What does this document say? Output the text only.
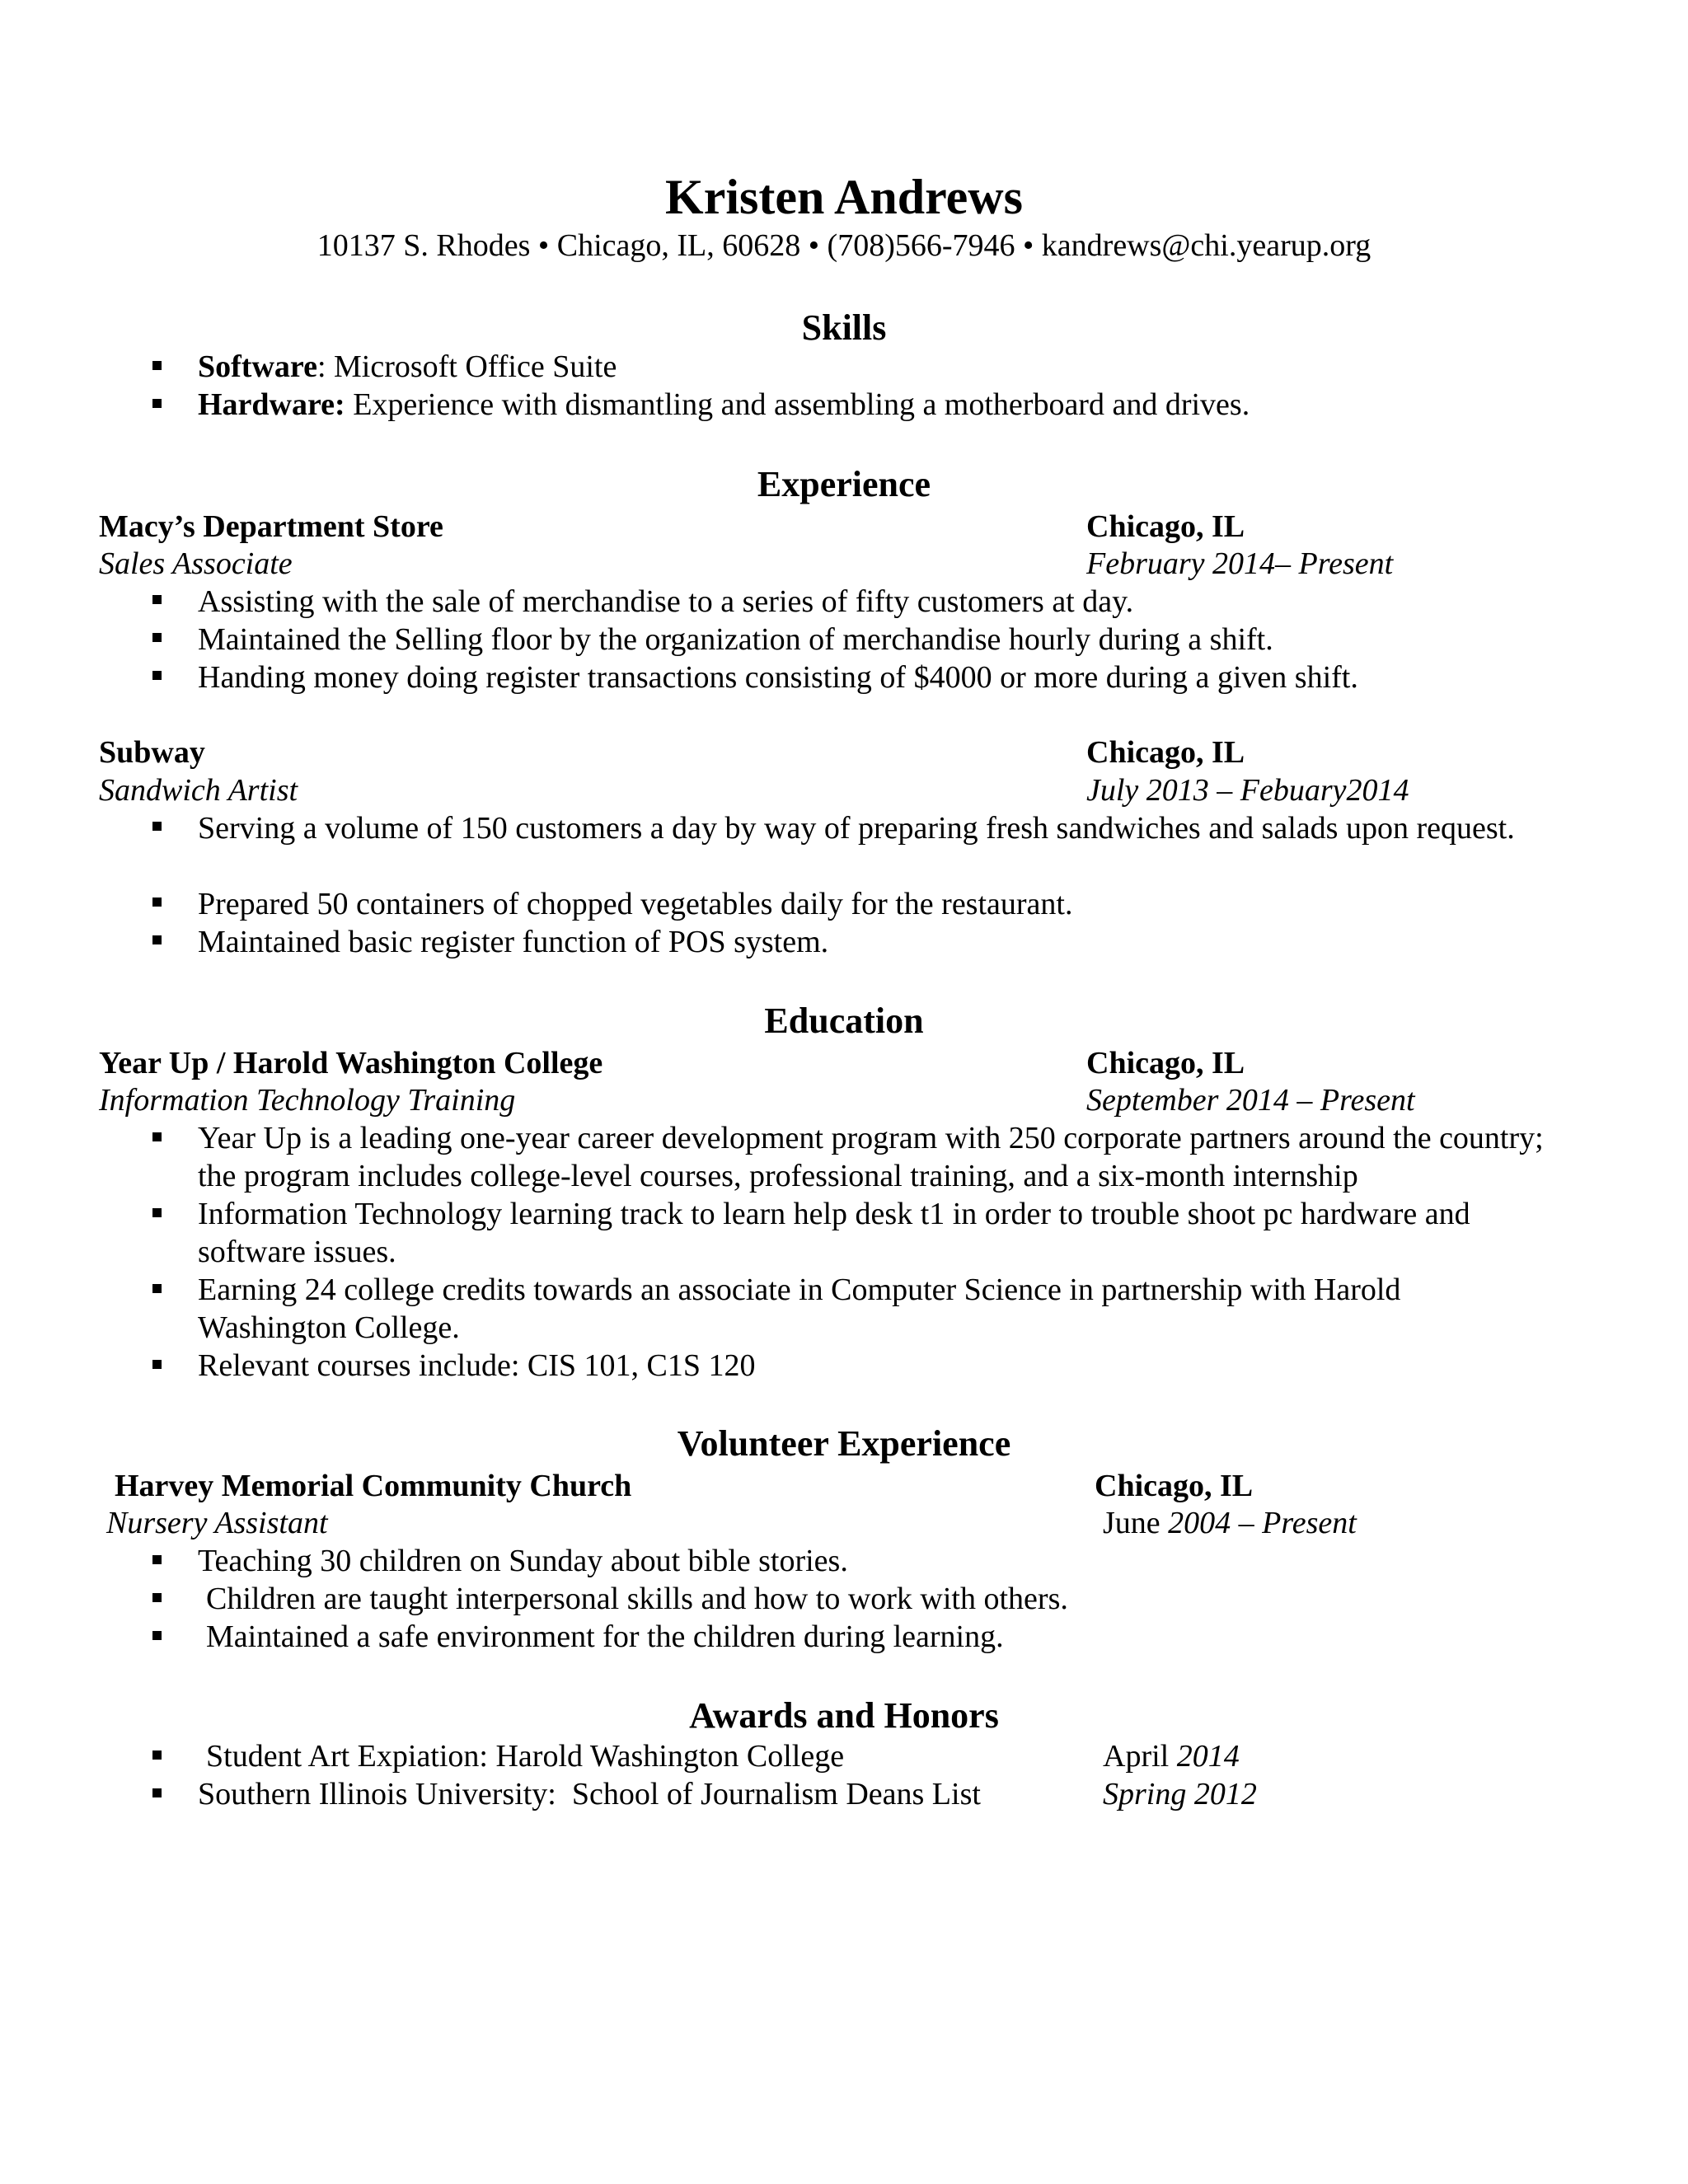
Kristen Andrews
10137 S. Rhodes • Chicago, IL, 60628 • (708)566-7946 • kandrews@chi.yearup.org
Skills
Software: Microsoft Office Suite
Hardware: Experience with dismantling and assembling a motherboard and drives.
Experience
Macy’s Department Store	Chicago, IL
Sales Associate	February 2014– Present
Assisting with the sale of merchandise to a series of fifty customers at day.
Maintained the Selling floor by the organization of merchandise hourly during a shift.
Handing money doing register transactions consisting of $4000 or more during a given shift.
Subway	Chicago, IL
Sandwich Artist	July 2013 – Febuary2014
Serving a volume of 150 customers a day by way of preparing fresh sandwiches and salads upon request.
Prepared 50 containers of chopped vegetables daily for the restaurant.
Maintained basic register function of POS system.
Education
Year Up / Harold Washington College	Chicago, IL
Information Technology Training	September 2014 – Present
Year Up is a leading one-year career development program with 250 corporate partners around the country; the program includes college-level courses, professional training, and a six-month internship
Information Technology learning track to learn help desk t1 in order to trouble shoot pc hardware and software issues.
Earning 24 college credits towards an associate in Computer Science in partnership with Harold Washington College.
Relevant courses include: CIS 101, C1S 120
Volunteer Experience
Harvey Memorial Community Church	Chicago, IL
Nursery Assistant	June 2004 – Present
Teaching 30 children on Sunday about bible stories.
Children are taught interpersonal skills and how to work with others.
Maintained a safe environment for the children during learning.
Awards and Honors
Student Art Expiation: Harold Washington College	April 2014
Southern Illinois University:  School of Journalism Deans List	Spring 2012
